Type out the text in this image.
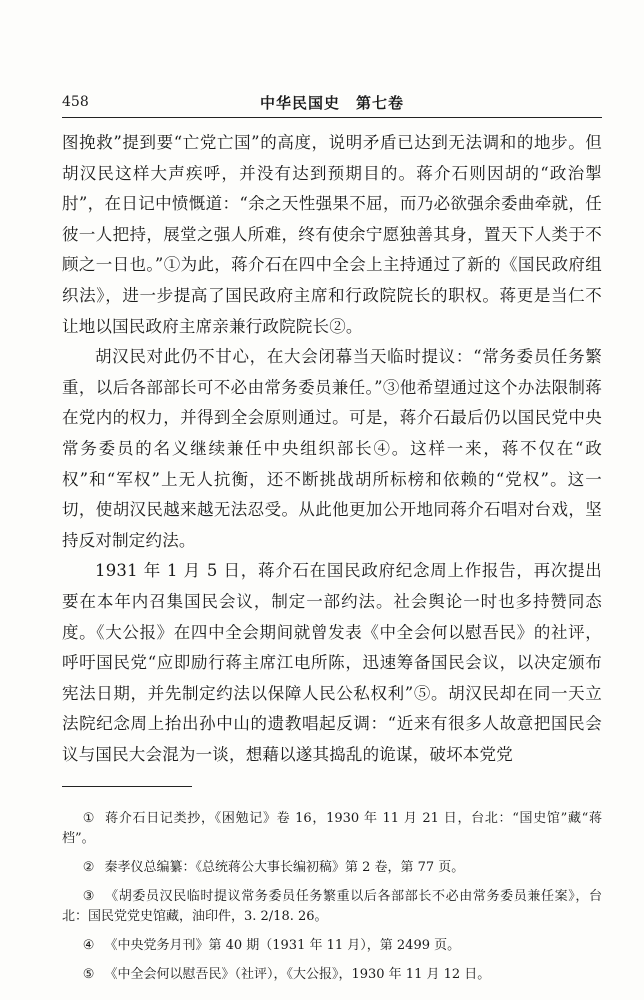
458	中华民国史　第七卷

图挽救”提到要“亡党亡国”的高度，说明矛盾已达到无法调和的地步。但胡汉民这样大声疾呼，并没有达到预期目的。蒋介石则因胡的“政治掣肘”，在日记中愤慨道：“余之天性强果不屈，而乃必欲强余委曲牵就，任彼一人把持，展堂之强人所难，终有使余宁愿独善其身，置天下人类于不顾之一日也。”①为此，蒋介石在四中全会上主持通过了新的《国民政府组织法》，进一步提高了国民政府主席和行政院院长的职权。蒋更是当仁不让地以国民政府主席亲兼行政院院长②。

胡汉民对此仍不甘心，在大会闭幕当天临时提议：“常务委员任务繁重，以后各部部长可不必由常务委员兼任。”③他希望通过这个办法限制蒋在党内的权力，并得到全会原则通过。可是，蒋介石最后仍以国民党中央常务委员的名义继续兼任中央组织部长④。这样一来，蒋不仅在“政权”和“军权”上无人抗衡，还不断挑战胡所标榜和依赖的“党权”。这一切，使胡汉民越来越无法忍受。从此他更加公开地同蒋介石唱对台戏，坚持反对制定约法。

1931 年 1 月 5 日，蒋介石在国民政府纪念周上作报告，再次提出要在本年内召集国民会议，制定一部约法。社会舆论一时也多持赞同态度。《大公报》在四中全会期间就曾发表《中全会何以慰吾民》的社评，呼吁国民党“应即励行蒋主席江电所陈，迅速筹备国民会议，以决定颁布宪法日期，并先制定约法以保障人民公私权利”⑤。胡汉民却在同一天立法院纪念周上抬出孙中山的遗教唱起反调：“近来有很多人故意把国民会议与国民大会混为一谈，想藉以遂其捣乱的诡谋，破坏本党党

① 蒋介石日记类抄，《困勉记》卷 16，1930 年 11 月 21 日，台北：“国史馆”藏“蒋档”。

② 秦孝仪总编纂：《总统蒋公大事长编初稿》第 2 卷，第 77 页。

③ 《胡委员汉民临时提议常务委员任务繁重以后各部部长不必由常务委员兼任案》，台北：国民党党史馆藏，油印件，3. 2/18. 26。

④ 《中央党务月刊》第 40 期（1931 年 11 月），第 2499 页。

⑤ 《中全会何以慰吾民》（社评），《大公报》，1930 年 11 月 12 日。
